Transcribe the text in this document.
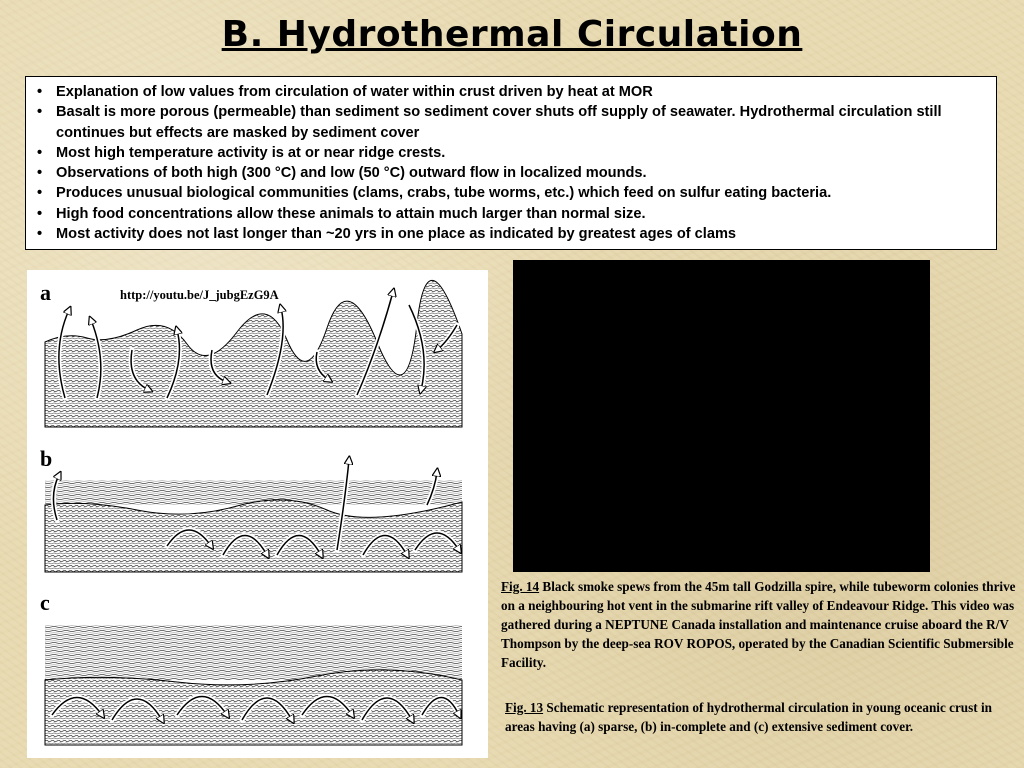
B. Hydrothermal Circulation
• Explanation of low values from circulation of water within crust driven by heat at MOR
• Basalt is more porous (permeable) than sediment so sediment cover shuts off supply of seawater. Hydrothermal circulation still continues but effects are masked by sediment cover
• Most high temperature activity is at or near ridge crests.
• Observations of both high (300 °C) and low (50 °C) outward flow in localized mounds.
• Produces unusual biological communities (clams, crabs, tube worms, etc.) which feed on sulfur eating bacteria.
• High food concentrations allow these animals to attain much larger than normal size.
• Most activity does not last longer than ~20 yrs in one place as indicated by greatest ages of clams
a
b
c
http://youtu.be/J_jubgEzG9A
Fig. 14 Black smoke spews from the 45m tall Godzilla spire, while tubeworm colonies thrive on a neighbouring hot vent in the submarine rift valley of Endeavour Ridge. This video was gathered during a NEPTUNE Canada installation and maintenance cruise aboard the R/V Thompson by the deep-sea ROV ROPOS, operated by the Canadian Scientific Submersible Facility.
Fig. 13 Schematic representation of hydrothermal circulation in young oceanic crust in areas having (a) sparse, (b) in-complete and (c) extensive sediment cover.
